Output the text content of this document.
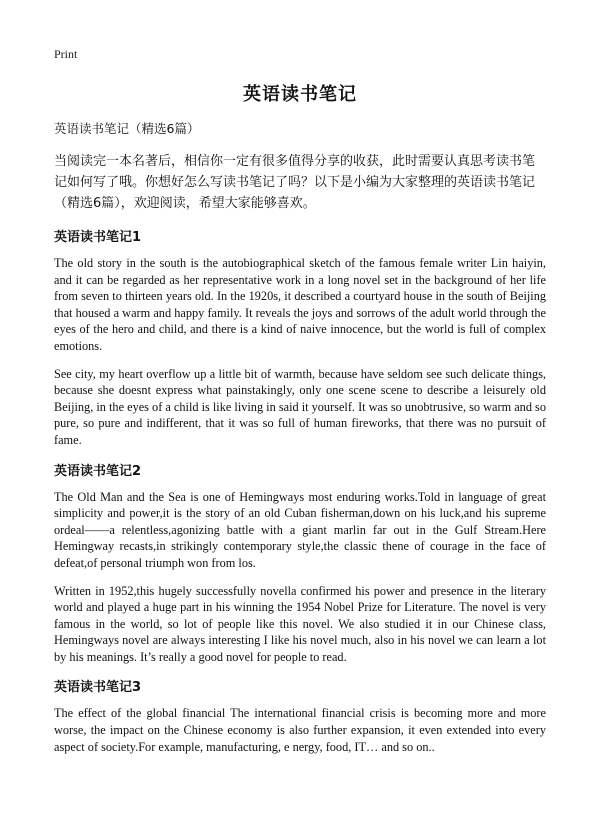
Print
英语读书笔记

英语读书笔记（精选6篇）

当阅读完一本名著后，相信你一定有很多值得分享的收获，此时需要认真思考读书笔记如何写了哦。你想好怎么写读书笔记了吗？以下是小编为大家整理的英语读书笔记（精选6篇），欢迎阅读，希望大家能够喜欢。

英语读书笔记1

The old story in the south is the autobiographical sketch of the famous female writer Lin haiyin, and it can be regarded as her representative work in a long novel set in the background of her life from seven to thirteen years old. In the 1920s, it described a courtyard house in the south of Beijing that housed a warm and happy family. It reveals the joys and sorrows of the adult world through the eyes of the hero and child, and there is a kind of naive innocence, but the world is full of complex emotions.

See city, my heart overflow up a little bit of warmth, because have seldom see such delicate things, because she doesnt express what painstakingly, only one scene scene to describe a leisurely old Beijing, in the eyes of a child is like living in said it yourself. It was so unobtrusive, so warm and so pure, so pure and indifferent, that it was so full of human fireworks, that there was no pursuit of fame.

英语读书笔记2

The Old Man and the Sea is one of Hemingways most enduring works.Told in language of great simplicity and power,it is the story of an old Cuban fisherman,down on his luck,and his supreme ordeal——a relentless,agonizing battle with a giant marlin far out in the Gulf Stream.Here Hemingway recasts,in strikingly contemporary style,the classic thene of courage in the face of defeat,of personal triumph won from los.

Written in 1952,this hugely successfully novella confirmed his power and presence in the literary world and played a huge part in his winning the 1954 Nobel Prize for Literature. The novel is very famous in the world, so lot of people like this novel. We also studied it in our Chinese class, Hemingways novel are always interesting I like his novel much, also in his novel we can learn a lot by his meanings. It’s really a good novel for people to read.

英语读书笔记3

The effect of the global financial The international financial crisis is becoming more and more worse, the impact on the Chinese economy is also further expansion, it even extended into every aspect of society.For example, manufacturing, e nergy, food, IT… and so on..
